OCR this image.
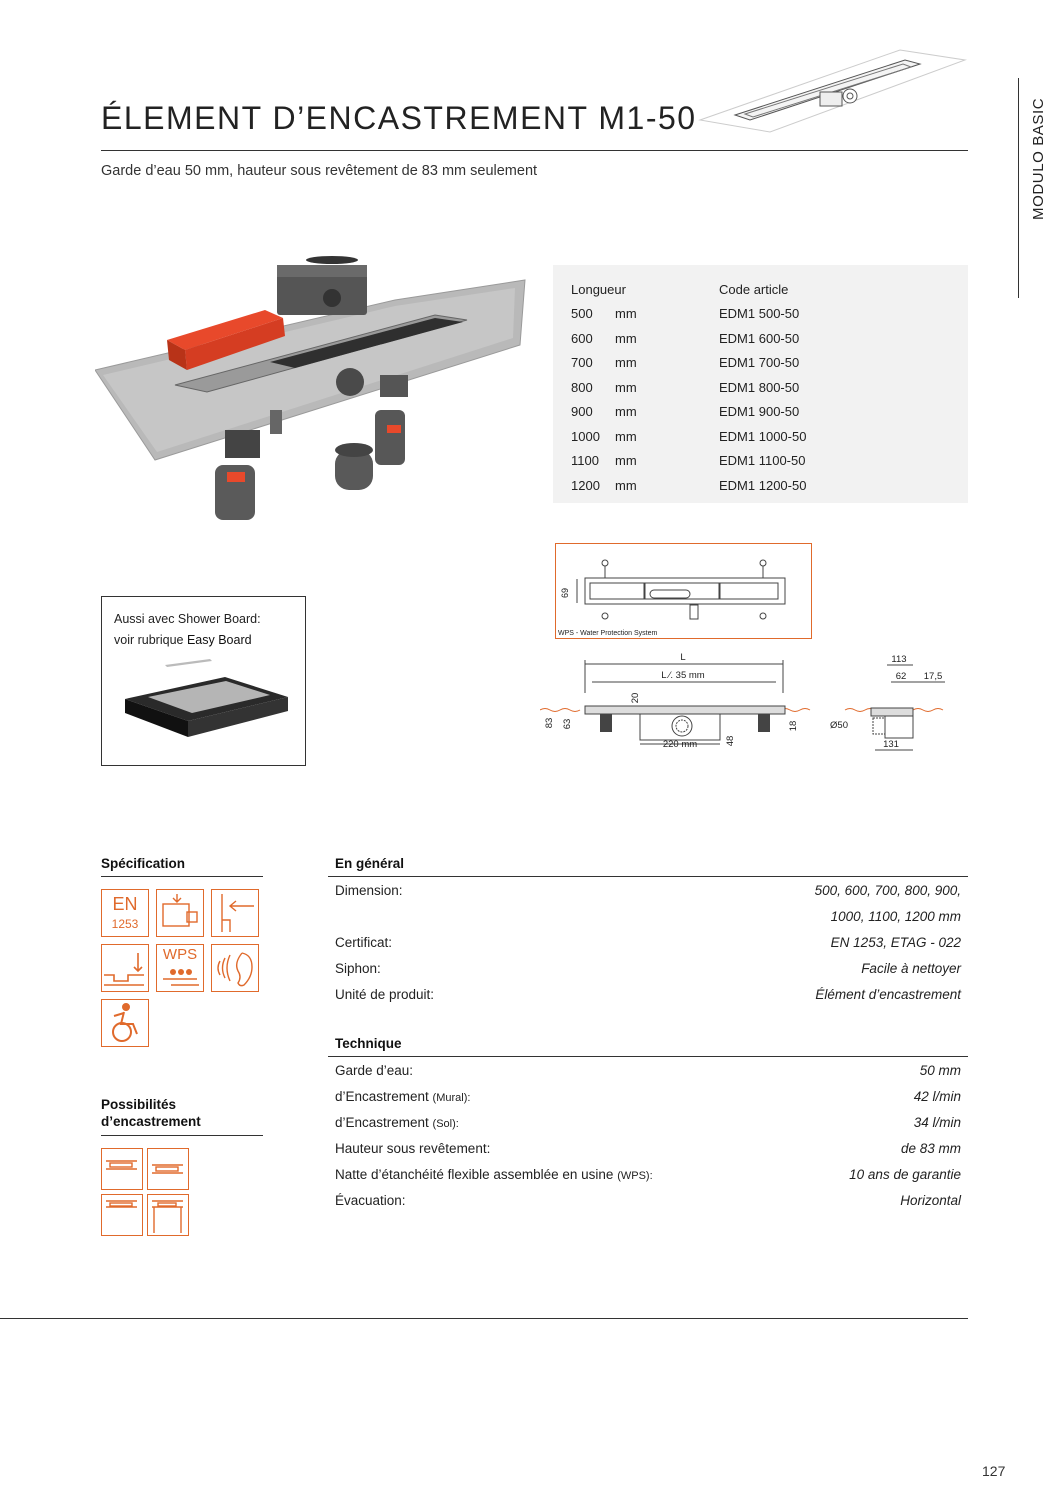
ÉLEMENT D’ENCASTREMENT M1-50
Garde d’eau 50 mm, hauteur sous revêtement de 83 mm seulement	MODULO BASIC
Longueur		Code article
500	mm	EDM1 500-50
600	mm	EDM1 600-50
700	mm	EDM1 700-50
800	mm	EDM1 800-50
900	mm	EDM1 900-50
1000	mm	EDM1 1000-50
1100	mm	EDM1 1100-50
1200	mm	EDM1 1200-50
69
WPS - Water Protection System
L
L ∕. 35 mm
20
83 63
220 mm	48
18
113
62 17,5
Ø50
131
Aussi avec Shower Board:
voir rubrique Easy Board
Spécification
EN
1253
WPS
Possibilités
d’encastrement
En général
Dimension:	500, 600, 700, 800, 900,
1000, 1100, 1200 mm
Certificat:	EN 1253, ETAG - 022
Siphon:	Facile à nettoyer
Unité de produit:	Élément d’encastrement
Technique
Garde d’eau:	50 mm
d’Encastrement (Mural):	42 l/min
d’Encastrement (Sol):	34 l/min
Hauteur sous revêtement:	de 83 mm
Natte d’étanchéité flexible assemblée en usine (WPS):	10 ans de garantie
Évacuation:	Horizontal
127
